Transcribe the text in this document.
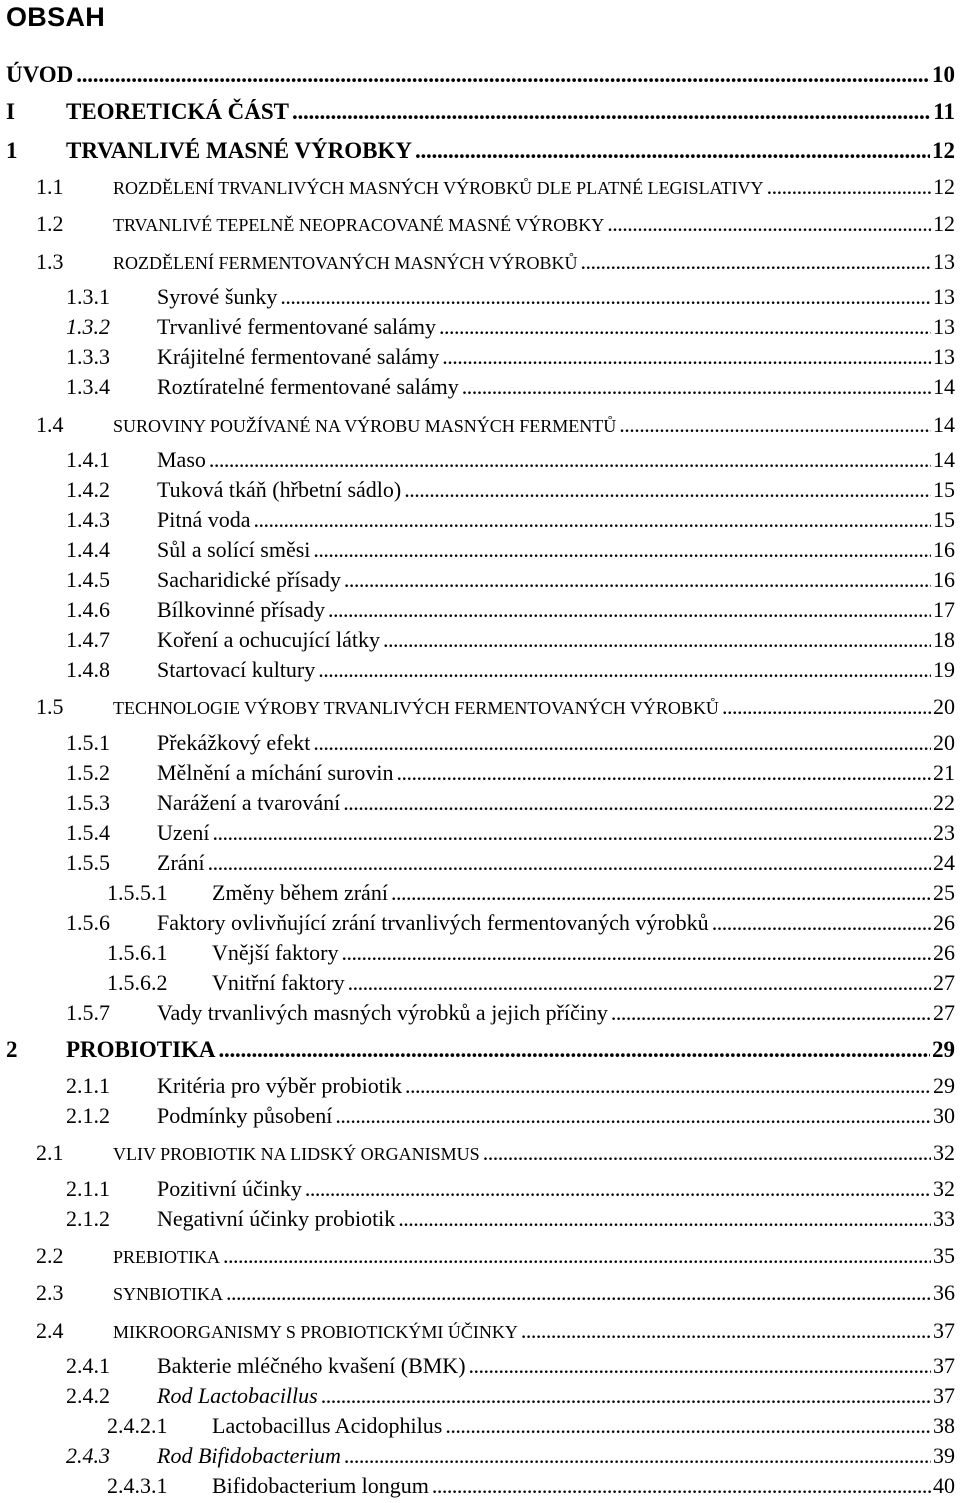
OBSAH
ÚVOD . . .	10
I	TEORETICKÁ ČÁST . . .	11
1	TRVANLIVÉ MASNÉ VÝROBKY . . .	12
1.1	ROZDĚLENÍ TRVANLIVÝCH MASNÝCH VÝROBKŮ DLE PLATNÉ LEGISLATIVY . . .	12
1.2	TRVANLIVÉ TEPELNĚ NEOPRACOVANÉ MASNÉ VÝROBKY . . .	12
1.3	ROZDĚLENÍ FERMENTOVANÝCH MASNÝCH VÝROBKŮ . . .	13
1.3.1	Syrové šunky . . .	13
1.3.2	Trvanlivé fermentované salámy . . .	13
1.3.3	Krájitelné fermentované salámy . . .	13
1.3.4	Roztíratelné fermentované salámy . . .	14
1.4	SUROVINY POUŽÍVANÉ NA VÝROBU MASNÝCH FERMENTŮ . . .	14
1.4.1	Maso . . .	14
1.4.2	Tuková tkáň (hřbetní sádlo) . . .	15
1.4.3	Pitná voda . . .	15
1.4.4	Sůl a solící směsi . . .	16
1.4.5	Sacharidické přísady . . .	16
1.4.6	Bílkovinné přísady . . .	17
1.4.7	Koření a ochucující látky . . .	18
1.4.8	Startovací kultury . . .	19
1.5	TECHNOLOGIE VÝROBY TRVANLIVÝCH FERMENTOVANÝCH VÝROBKŮ . . .	20
1.5.1	Překážkový efekt . . .	20
1.5.2	Mělnění a míchání surovin . . .	21
1.5.3	Narážení a tvarování . . .	22
1.5.4	Uzení . . .	23
1.5.5	Zrání . . .	24
1.5.5.1	Změny během zrání . . .	25
1.5.6	Faktory ovlivňující zrání trvanlivých fermentovaných výrobků . . .	26
1.5.6.1	Vnější faktory . . .	26
1.5.6.2	Vnitřní faktory . . .	27
1.5.7	Vady trvanlivých masných výrobků a jejich příčiny . . .	27
2	PROBIOTIKA . . .	29
2.1.1	Kritéria pro výběr probiotik . . .	29
2.1.2	Podmínky působení . . .	30
2.1	VLIV PROBIOTIK NA LIDSKÝ ORGANISMUS . . .	32
2.1.1	Pozitivní účinky . . .	32
2.1.2	Negativní účinky probiotik . . .	33
2.2	PREBIOTIKA . . .	35
2.3	SYNBIOTIKA . . .	36
2.4	MIKROORGANISMY S PROBIOTICKÝMI ÚČINKY . . .	37
2.4.1	Bakterie mléčného kvašení (BMK) . . .	37
2.4.2	Rod Lactobacillus . . .	37
2.4.2.1	Lactobacillus Acidophilus . . .	38
2.4.3	Rod Bifidobacterium . . .	39
2.4.3.1	Bifidobacterium longum . . .	40
